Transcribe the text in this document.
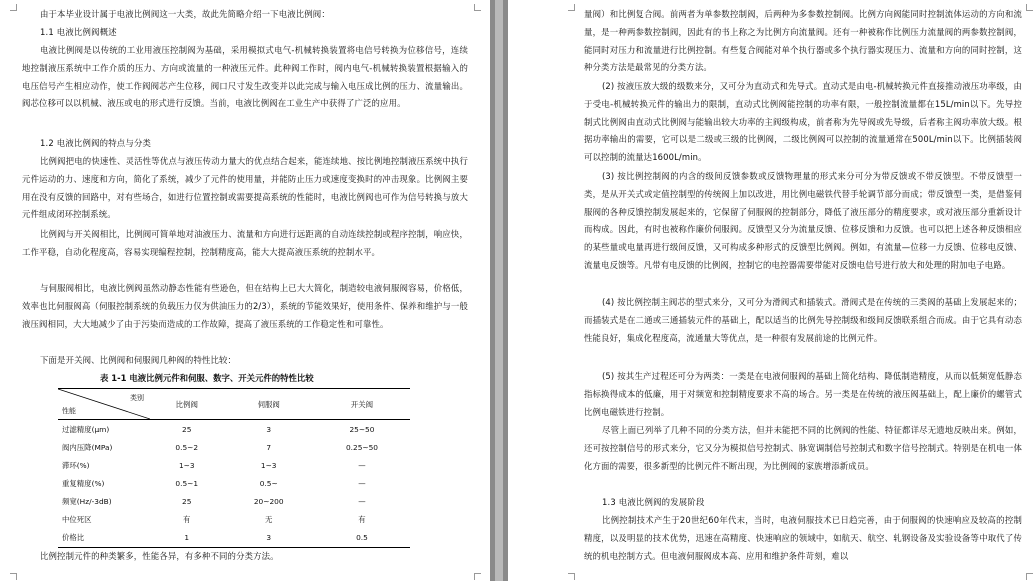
由于本毕业设计属于电液比例阀这一大类，故此先简略介绍一下电液比例阀：
1.1 电液比例阀概述
电液比例阀是以传统的工业用液压控制阀为基础，采用模拟式电气-机械转换装置将电信号转换为位移信号，连续地控制液压系统中工作介质的压力、方向或流量的一种液压元件。此种阀工作时，阀内电气-机械转换装置根据输入的电压信号产生相应动作，使工作阀阀芯产生位移，阀口尺寸发生改变并以此完成与输入电压成比例的压力、流量输出。阀芯位移可以以机械、液压或电的形式进行反馈。当前，电液比例阀在工业生产中获得了广泛的应用。
1.2 电液比例阀的特点与分类
比例阀把电的快速性、灵活性等优点与液压传动力量大的优点结合起来，能连续地、按比例地控制液压系统中执行元件运动的力、速度和方向，简化了系统，减少了元件的使用量，并能防止压力或速度变换时的冲击现象。比例阀主要用在没有反馈的回路中，对有些场合，如进行位置控制或需要提高系统的性能时，电液比例阀也可作为信号转换与放大元件组成闭环控制系统。
比例阀与开关阀相比，比例阀可简单地对油液压力、流量和方向进行远距离的自动连续控制或程序控制，响应快，工作平稳，自动化程度高，容易实现编程控制，控制精度高，能大大提高液压系统的控制水平。
与伺服阀相比，电液比例阀虽然动静态性能有些逊色，但在结构上已大大简化，制造较电液伺服阀容易，价格低，效率也比伺服阀高（伺服控制系统的负载压力仅为供油压力的2/3），系统的节能效果好，使用条件、保养和维护与一般液压阀相同，大大地减少了由于污染而造成的工作故障，提高了液压系统的工作稳定性和可靠性。
下面是开关阀、比例阀和伺服阀几种阀的特性比较：
表 1-1 电液比例元件和伺服、数字、开关元件的特性比较
类别
性能	比例阀	伺服阀	开关阀
过滤精度(μm)	25	3	25~50
阀内压降(MPa)	0.5~2	7	0.25~50
滞环(%)	1~3	1~3	—
重复精度(%)	0.5~1	0.5~	—
频宽(Hz/-3dB)	25	20~200	—
中位死区	有	无	有
价格比	1	3	0.5
比例控制元件的种类繁多，性能各异，有多种不同的分类方法。
量阀）和比例复合阀。前两者为单参数控制阀，后两种为多参数控制阀。比例方向阀能同时控制流体运动的方向和流量，是一种两参数控制阀，因此有的书上称之为比例方向流量阀。还有一种被称作比例压力流量阀的两参数控制阀，能同时对压力和流量进行比例控制。有些复合阀能对单个执行器或多个执行器实现压力、流量和方向的同时控制，这种分类方法是最常见的分类方法。
(2) 按液压放大级的级数来分，又可分为直动式和先导式。直动式是由电-机械转换元件直接推动液压功率级，由于受电-机械转换元件的输出力的限制，直动式比例阀能控制的功率有限，一般控制流量都在15L/min以下。先导控制式比例阀由直动式比例阀与能输出较大功率的主阀级构成，前者称为先导阀或先导级，后者称主阀功率放大级。根据功率输出的需要，它可以是二级或三级的比例阀，二级比例阀可以控制的流量通常在500L/min以下。比例插装阀可以控制的流量达1600L/min。
(3) 按比例控制阀的内含的级间反馈参数或反馈物理量的形式来分可分为带反馈或不带反馈型。不带反馈型一类，是从开关式或定值控制型的传统阀上加以改进，用比例电磁铁代替手轮调节部分而成；带反馈型一类，是借鉴伺服阀的各种反馈控制发展起来的，它保留了伺服阀的控制部分，降低了液压部分的精度要求，或对液压部分重新设计而构成。因此，有时也被称作廉价伺服阀。反馈型又分为流量反馈、位移反馈和力反馈。也可以把上述各种反馈相应的某些量或电量再进行级间反馈，又可构成多种形式的反馈型比例阀。例如，有流量—位移一力反馈、位移电反馈、流量电反馈等。凡带有电反馈的比例阀，控制它的电控器需要带能对反馈电信号进行放大和处理的附加电子电路。
(4) 按比例控制主阀芯的型式来分，又可分为滑阀式和插装式。滑阀式是在传统的三类阀的基础上发展起来的；而插装式是在二通或三通插装元件的基础上，配以适当的比例先导控制级和级间反馈联系组合而成。由于它具有动态性能良好，集成化程度高，流通量大等优点，是一种很有发展前途的比例元件。
(5) 按其生产过程还可分为两类：一类是在电液伺服阀的基础上简化结构、降低制造精度，从而以低频宽低静态指标换得成本的低廉，用于对频宽和控制精度要求不高的场合。另一类是在传统的液压阀基础上，配上廉价的螺管式比例电磁铁进行控制。
尽管上面已列举了几种不同的分类方法，但并未能把不同的比例阀的性能、特征都详尽无遗地反映出来。例如，还可按控制信号的形式来分，它又分为模拟信号控制式、脉宽调制信号控制式和数字信号控制式。特别是在机电一体化方面的需要，很多新型的比例元件不断出现，为比例阀的家族增添新成员。
1.3 电液比例阀的发展阶段
比例控制技术产生于20世纪60年代末，当时，电液伺服技术已日趋完善，由于伺服阀的快速响应及较高的控制精度，以及明显的技术优势，迅速在高精度、快速响应的领域中，如航天、航空、轧钢设备及实验设备等中取代了传统的机电控制方式。但电液伺服阀成本高、应用和维护条件苛刻，难以
